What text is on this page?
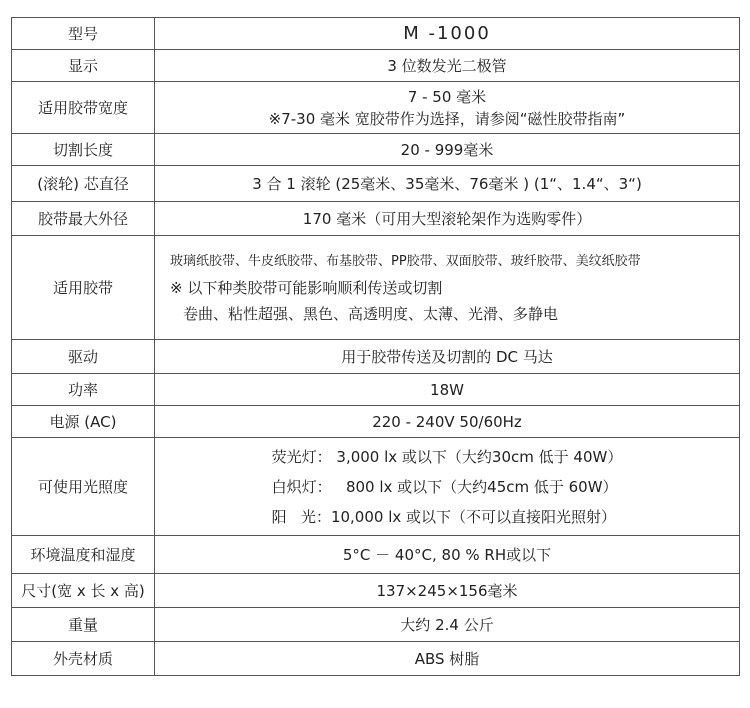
型号	M -1000

显示	3 位数发光二极管

适用胶带宽度	7 - 50 毫米
※7-30 毫米 宽胶带作为选择，请参阅“磁性胶带指南”

切割长度	20 - 999毫米

(滚轮) 芯直径	3 合 1 滚轮 (25毫米、35毫米、76毫米 ) (1“、1.4“、3“)

胶带最大外径	170 毫米（可用大型滚轮架作为选购零件）

适用胶带	玻璃纸胶带、牛皮纸胶带、布基胶带、PP胶带、双面胶带、玻纤胶带、美纹纸胶带
※ 以下种类胶带可能影响顺利传送或切割
卷曲、粘性超强、黑色、高透明度、太薄、光滑、多静电

驱动	用于胶带传送及切割的 DC 马达

功率	18W

电源 (AC)	220 - 240V 50/60Hz

可使用光照度	荧光灯： 3,000 lx 或以下（大约30cm 低于 40W）
白炽灯：   800 lx 或以下（大约45cm 低于 60W）
阳   光：10,000 lx 或以下（不可以直接阳光照射）

环境温度和湿度	5°C － 40°C, 80 % RH或以下

尺寸(宽 x 长 x 高)	137×245×156毫米

重量	大约 2.4 公斤

外壳材质	ABS 树脂
